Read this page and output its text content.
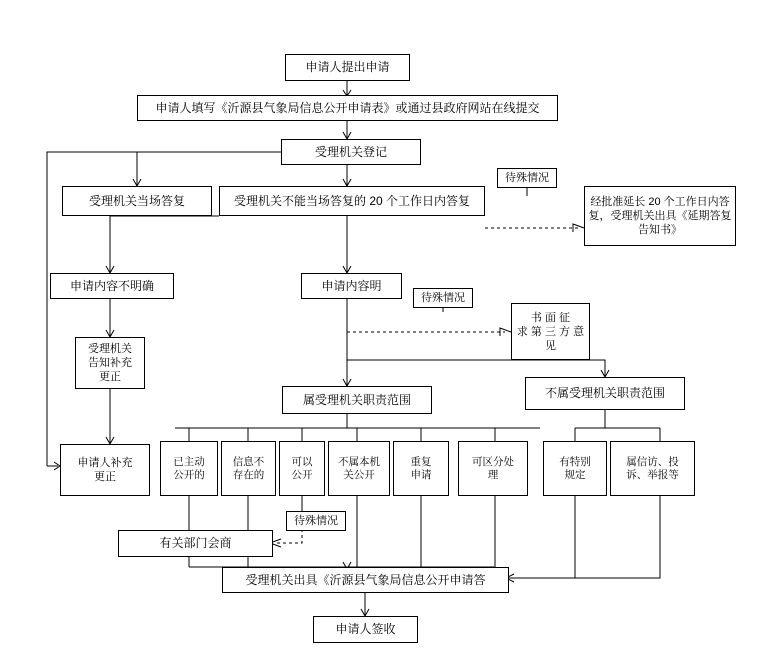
申请人提出申请
申请人填写《沂源县气象局信息公开申请表》或通过县政府网站在线提交
受理机关登记
受理机关当场答复	受理机关不能当场答复的 20 个工作日内答复	经批准延长 20 个工作日内答复，受理机关出具《延期答复告知书》
申请内容不明确	申请内容明
书 面 征
求 第 三 方 意
见
受理机关
告知补充
更正
申请人补充
更正
属受理机关职责范围	不属受理机关职责范围
已主动
公开的
信息不
存在的
可以
公开
不属本机
关公开
重复
申请
可区分处
理
有特别
规定
属信访、投
诉、举报等
有关部门会商
受理机关出具《沂源县气象局信息公开申请答
申请人签收
待殊情况
待殊情况
待殊情况
